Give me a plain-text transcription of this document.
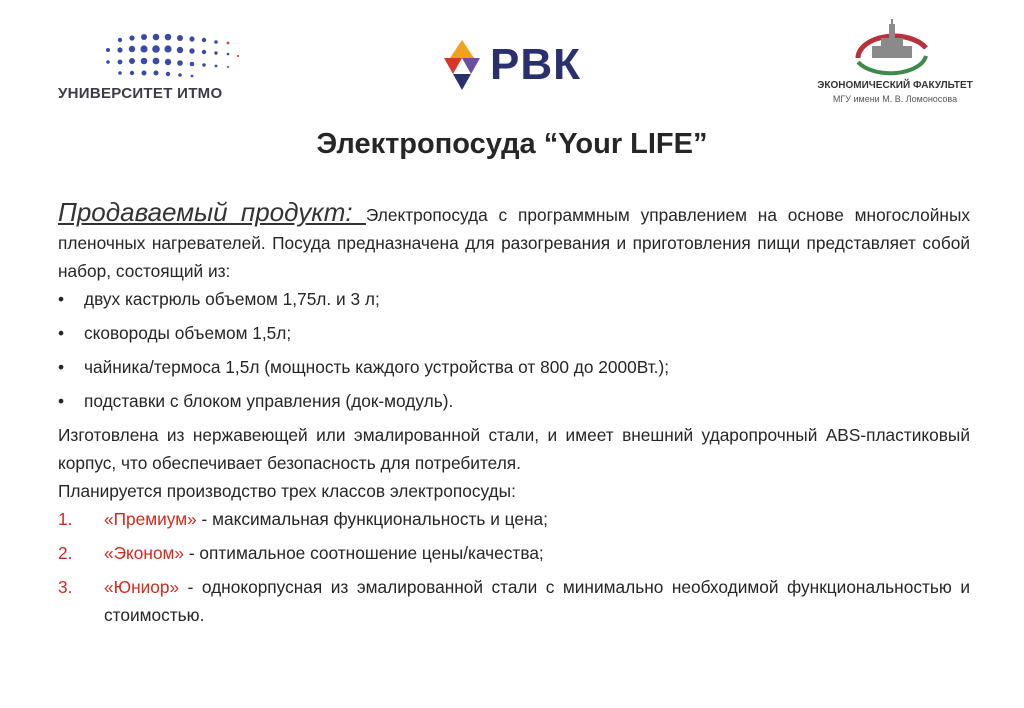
УНИВЕРСИТЕТ ИТМО
РВК	ЭКОНОМИЧЕСКИЙ ФАКУЛЬТЕТ
МГУ имени М. В. Ломоносова
Электропосуда “Your LIFE”

Продаваемый продукт: Электропосуда с программным управлением на основе многослойных пленочных нагревателей. Посуда предназначена для разогревания и приготовления пищи представляет собой набор, состоящий из:

• двух кастрюль объемом 1,75л. и 3 л;
• сковороды объемом 1,5л;
• чайника/термоса 1,5л (мощность каждого устройства от 800 до 2000Вт.);
• подставки с блоком управления (док-модуль).

Изготовлена из нержавеющей или эмалированной стали, и имеет внешний ударопрочный ABS-пластиковый корпус, что обеспечивает безопасность для потребителя.

Планируется производство трех классов электропосуды:

1. «Премиум» - максимальная функциональность и цена;
2. «Эконом» - оптимальное соотношение цены/качества;
3. «Юниор» - однокорпусная из эмалированной стали с минимально необходимой функциональностью и стоимостью.
